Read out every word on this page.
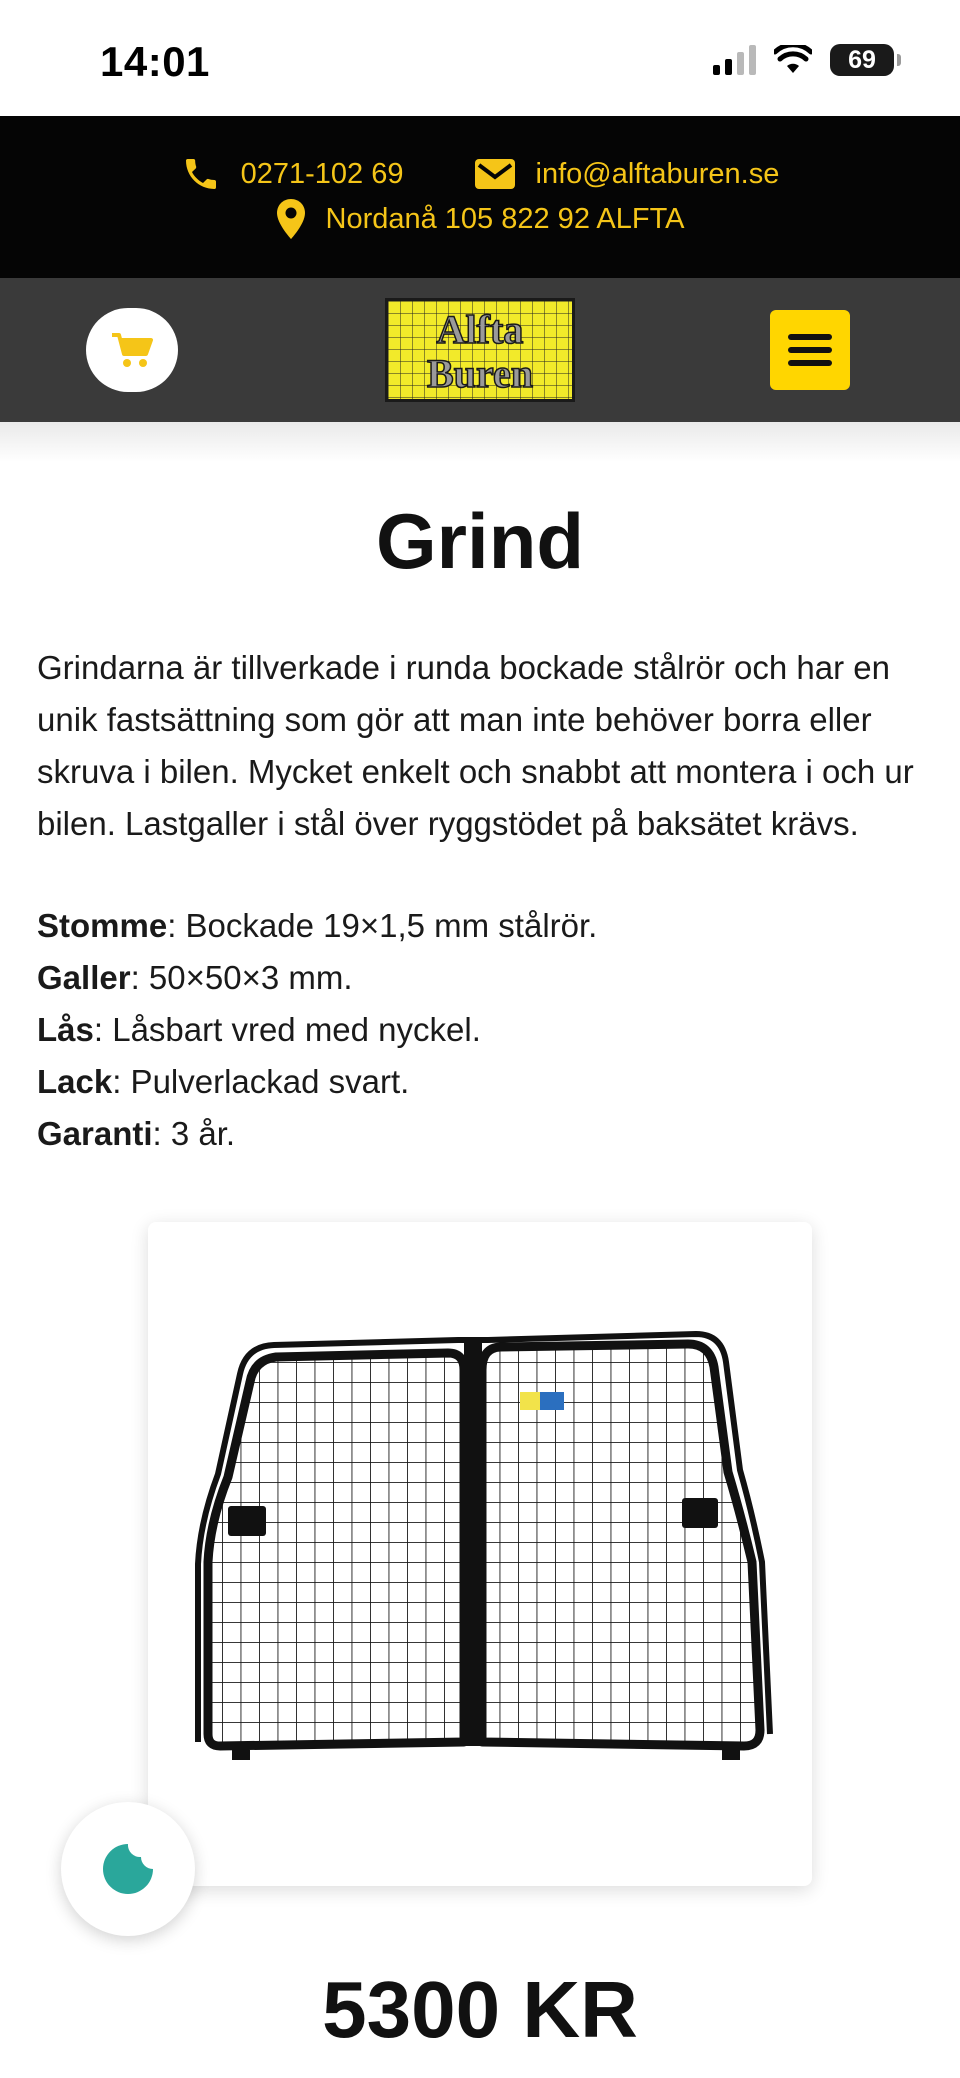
14:01	69
0271-102 69	info@alftaburen.se
Nordanå 105 822 92 ALFTA
Alfta
Buren
Grind

Grindarna är tillverkade i runda bockade stålrör och har en unik fastsättning som gör att man inte behöver borra eller skruva i bilen. Mycket enkelt och snabbt att montera i och ur bilen. Lastgaller i stål över ryggstödet på baksätet krävs.

Stomme: Bockade 19×1,5 mm stålrör.
Galler: 50×50×3 mm.
Lås: Låsbart vred med nyckel.
Lack: Pulverlackad svart.
Garanti: 3 år.
5300 KR
